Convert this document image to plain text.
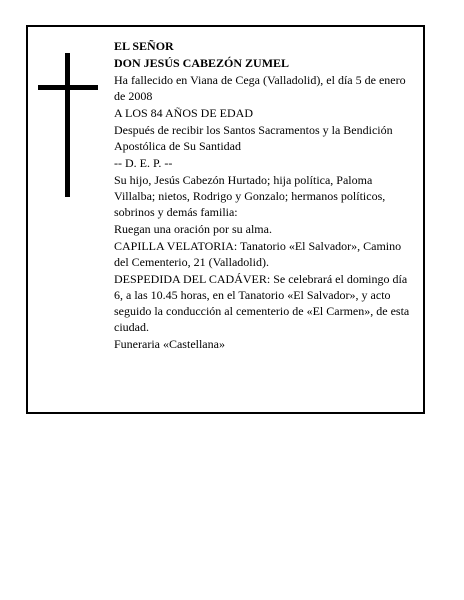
EL SEÑOR

DON JESÚS CABEZÓN ZUMEL

Ha fallecido en Viana de Cega (Valladolid), el día 5 de enero de 2008

A LOS 84 AÑOS DE EDAD

Después de recibir los Santos Sacramentos y la Bendición Apostólica de Su Santidad

-- D. E. P. --

Su hijo, Jesús Cabezón Hurtado; hija política, Paloma Villalba; nietos, Rodrigo y Gonzalo; hermanos políticos, sobrinos y demás familia:

Ruegan una oración por su alma.

CAPILLA VELATORIA: Tanatorio «El Salvador», Camino del Cementerio, 21 (Valladolid).

DESPEDIDA DEL CADÁVER: Se celebrará el domingo día 6, a las 10.45 horas, en el Tanatorio «El Salvador», y acto seguido la conducción al cementerio de «El Carmen», de esta ciudad.

Funeraria «Castellana»
